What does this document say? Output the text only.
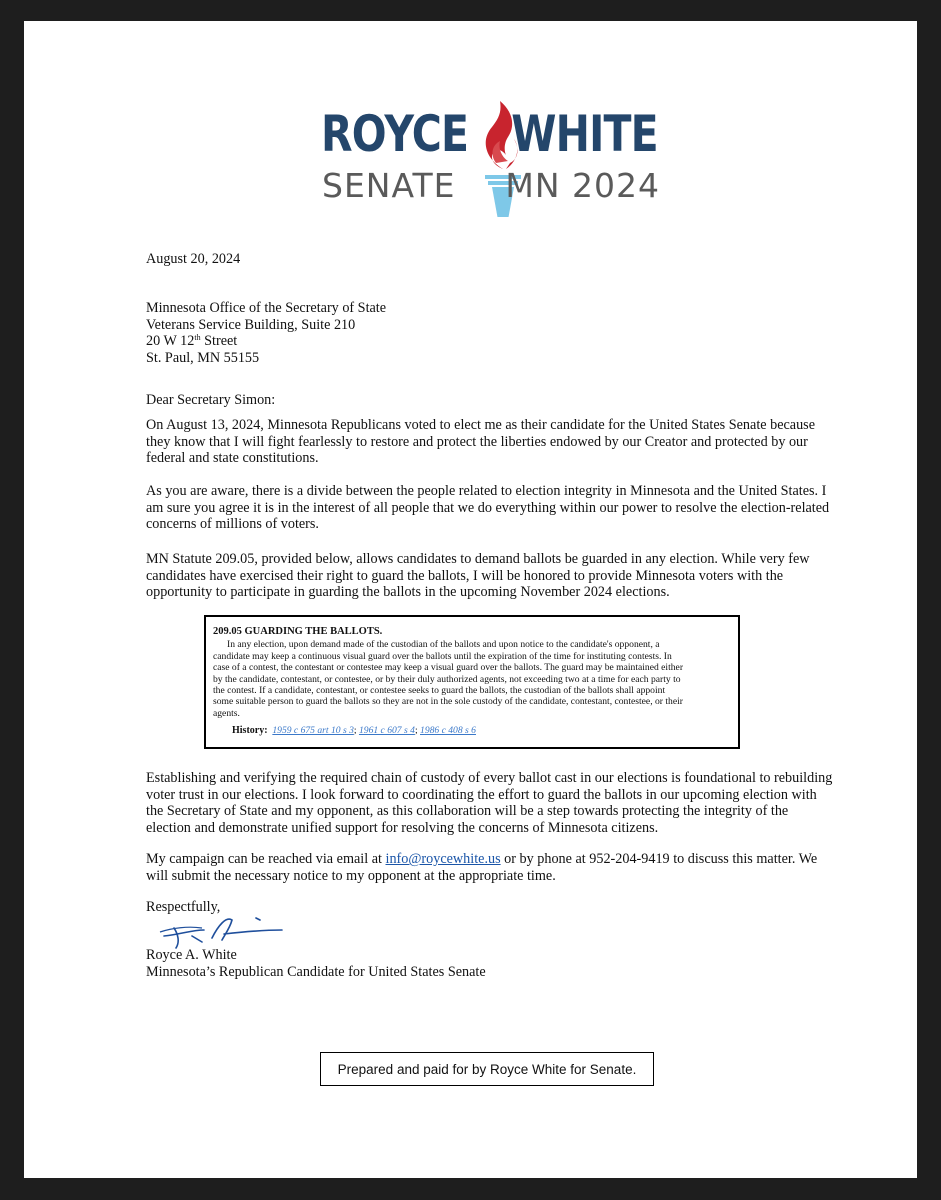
ROYCE WHITE
SENATE MN 2024
August 20, 2024
Minnesota Office of the Secretary of State
Veterans Service Building, Suite 210
20 W 12th Street
St. Paul, MN 55155
Dear Secretary Simon:
On August 13, 2024, Minnesota Republicans voted to elect me as their candidate for the United States Senate because
they know that I will fight fearlessly to restore and protect the liberties endowed by our Creator and protected by our
federal and state constitutions.
As you are aware, there is a divide between the people related to election integrity in Minnesota and the United States. I
am sure you agree it is in the interest of all people that we do everything within our power to resolve the election-related
concerns of millions of voters.
MN Statute 209.05, provided below, allows candidates to demand ballots be guarded in any election. While very few
candidates have exercised their right to guard the ballots, I will be honored to provide Minnesota voters with the
opportunity to participate in guarding the ballots in the upcoming November 2024 elections.
209.05 GUARDING THE BALLOTS.
In any election, upon demand made of the custodian of the ballots and upon notice to the candidate's opponent, a
candidate may keep a continuous visual guard over the ballots until the expiration of the time for instituting contests. In
case of a contest, the contestant or contestee may keep a visual guard over the ballots. The guard may be maintained either
by the candidate, contestant, or contestee, or by their duly authorized agents, not exceeding two at a time for each party to
the contest. If a candidate, contestant, or contestee seeks to guard the ballots, the custodian of the ballots shall appoint
some suitable person to guard the ballots so they are not in the sole custody of the candidate, contestant, contestee, or their
agents.
History: 1959 c 675 art 10 s 3; 1961 c 607 s 4; 1986 c 408 s 6
Establishing and verifying the required chain of custody of every ballot cast in our elections is foundational to rebuilding
voter trust in our elections. I look forward to coordinating the effort to guard the ballots in our upcoming election with
the Secretary of State and my opponent, as this collaboration will be a step towards protecting the integrity of the
election and demonstrate unified support for resolving the concerns of Minnesota citizens.
My campaign can be reached via email at info@roycewhite.us or by phone at 952-204-9419 to discuss this matter. We
will submit the necessary notice to my opponent at the appropriate time.
Respectfully,
Royce A. White
Minnesota’s Republican Candidate for United States Senate
Prepared and paid for by Royce White for Senate.
